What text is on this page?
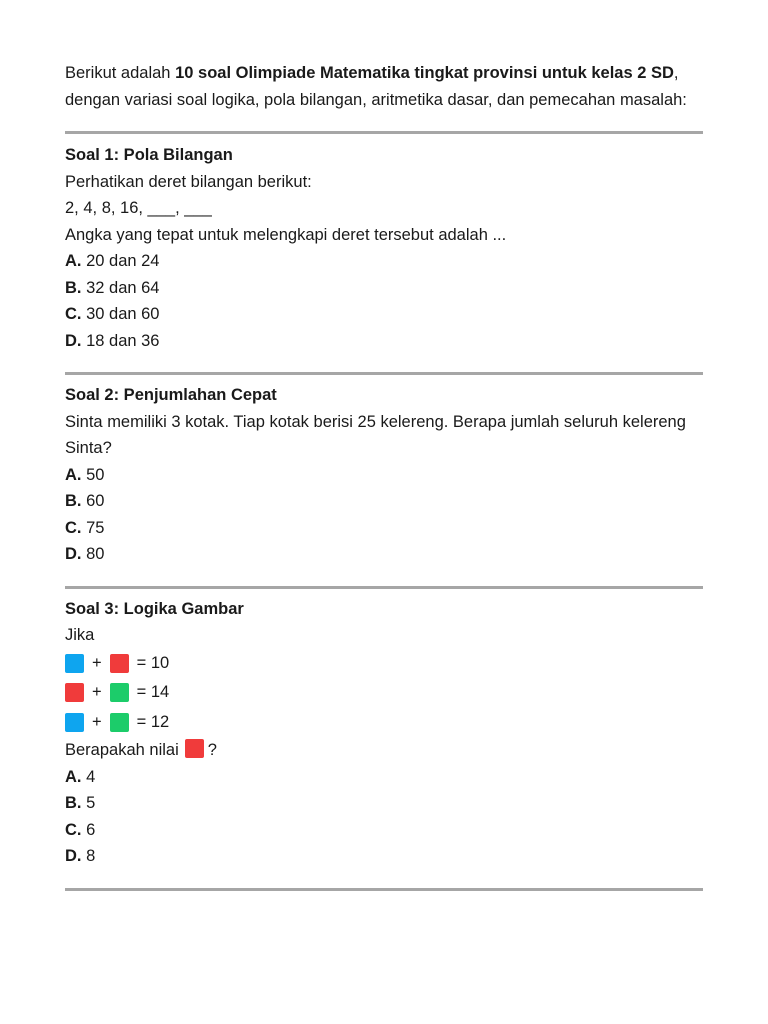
Berikut adalah 10 soal Olimpiade Matematika tingkat provinsi untuk kelas 2 SD, dengan variasi soal logika, pola bilangan, aritmetika dasar, dan pemecahan masalah:

Soal 1: Pola Bilangan

Perhatikan deret bilangan berikut:

2, 4, 8, 16, ___, ___

Angka yang tepat untuk melengkapi deret tersebut adalah ...

A. 20 dan 24

B. 32 dan 64

C. 30 dan 60

D. 18 dan 36

Soal 2: Penjumlahan Cepat

Sinta memiliki 3 kotak. Tiap kotak berisi 25 kelereng. Berapa jumlah seluruh kelereng Sinta?

A. 50

B. 60

C. 75

D. 80

Soal 3: Logika Gambar

Jika

+ = 10
+ = 14
+ = 12

Berapakah nilai ?

A. 4

B. 5

C. 6

D. 8
